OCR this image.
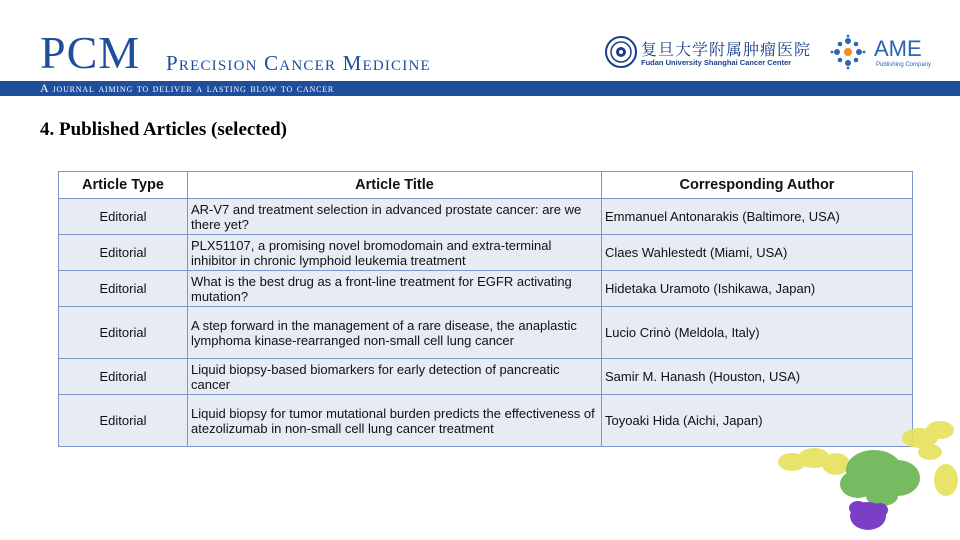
PCM Precision Cancer Medicine
复旦大学附属肿瘤医院
Fudan University Shanghai Cancer Center
AME
Publishing Company
A journal aiming to deliver a lasting blow to cancer
4. Published Articles (selected)
Article Type	Article Title	Corresponding Author
Editorial	AR-V7 and treatment selection in advanced prostate cancer: are we there yet?	Emmanuel Antonarakis (Baltimore, USA)
Editorial	PLX51107, a promising novel bromodomain and extra-terminal inhibitor in chronic lymphoid leukemia treatment	Claes Wahlestedt (Miami, USA)
Editorial	What is the best drug as a front-line treatment for EGFR activating mutation?	Hidetaka Uramoto (Ishikawa, Japan)
Editorial	A step forward in the management of a rare disease, the anaplastic lymphoma kinase-rearranged non-small cell lung cancer	Lucio Crinò (Meldola, Italy)
Editorial	Liquid biopsy-based biomarkers for early detection of pancreatic cancer	Samir M. Hanash (Houston, USA)
Editorial	Liquid biopsy for tumor mutational burden predicts the effectiveness of atezolizumab in non-small cell lung cancer treatment	Toyoaki Hida (Aichi, Japan)
